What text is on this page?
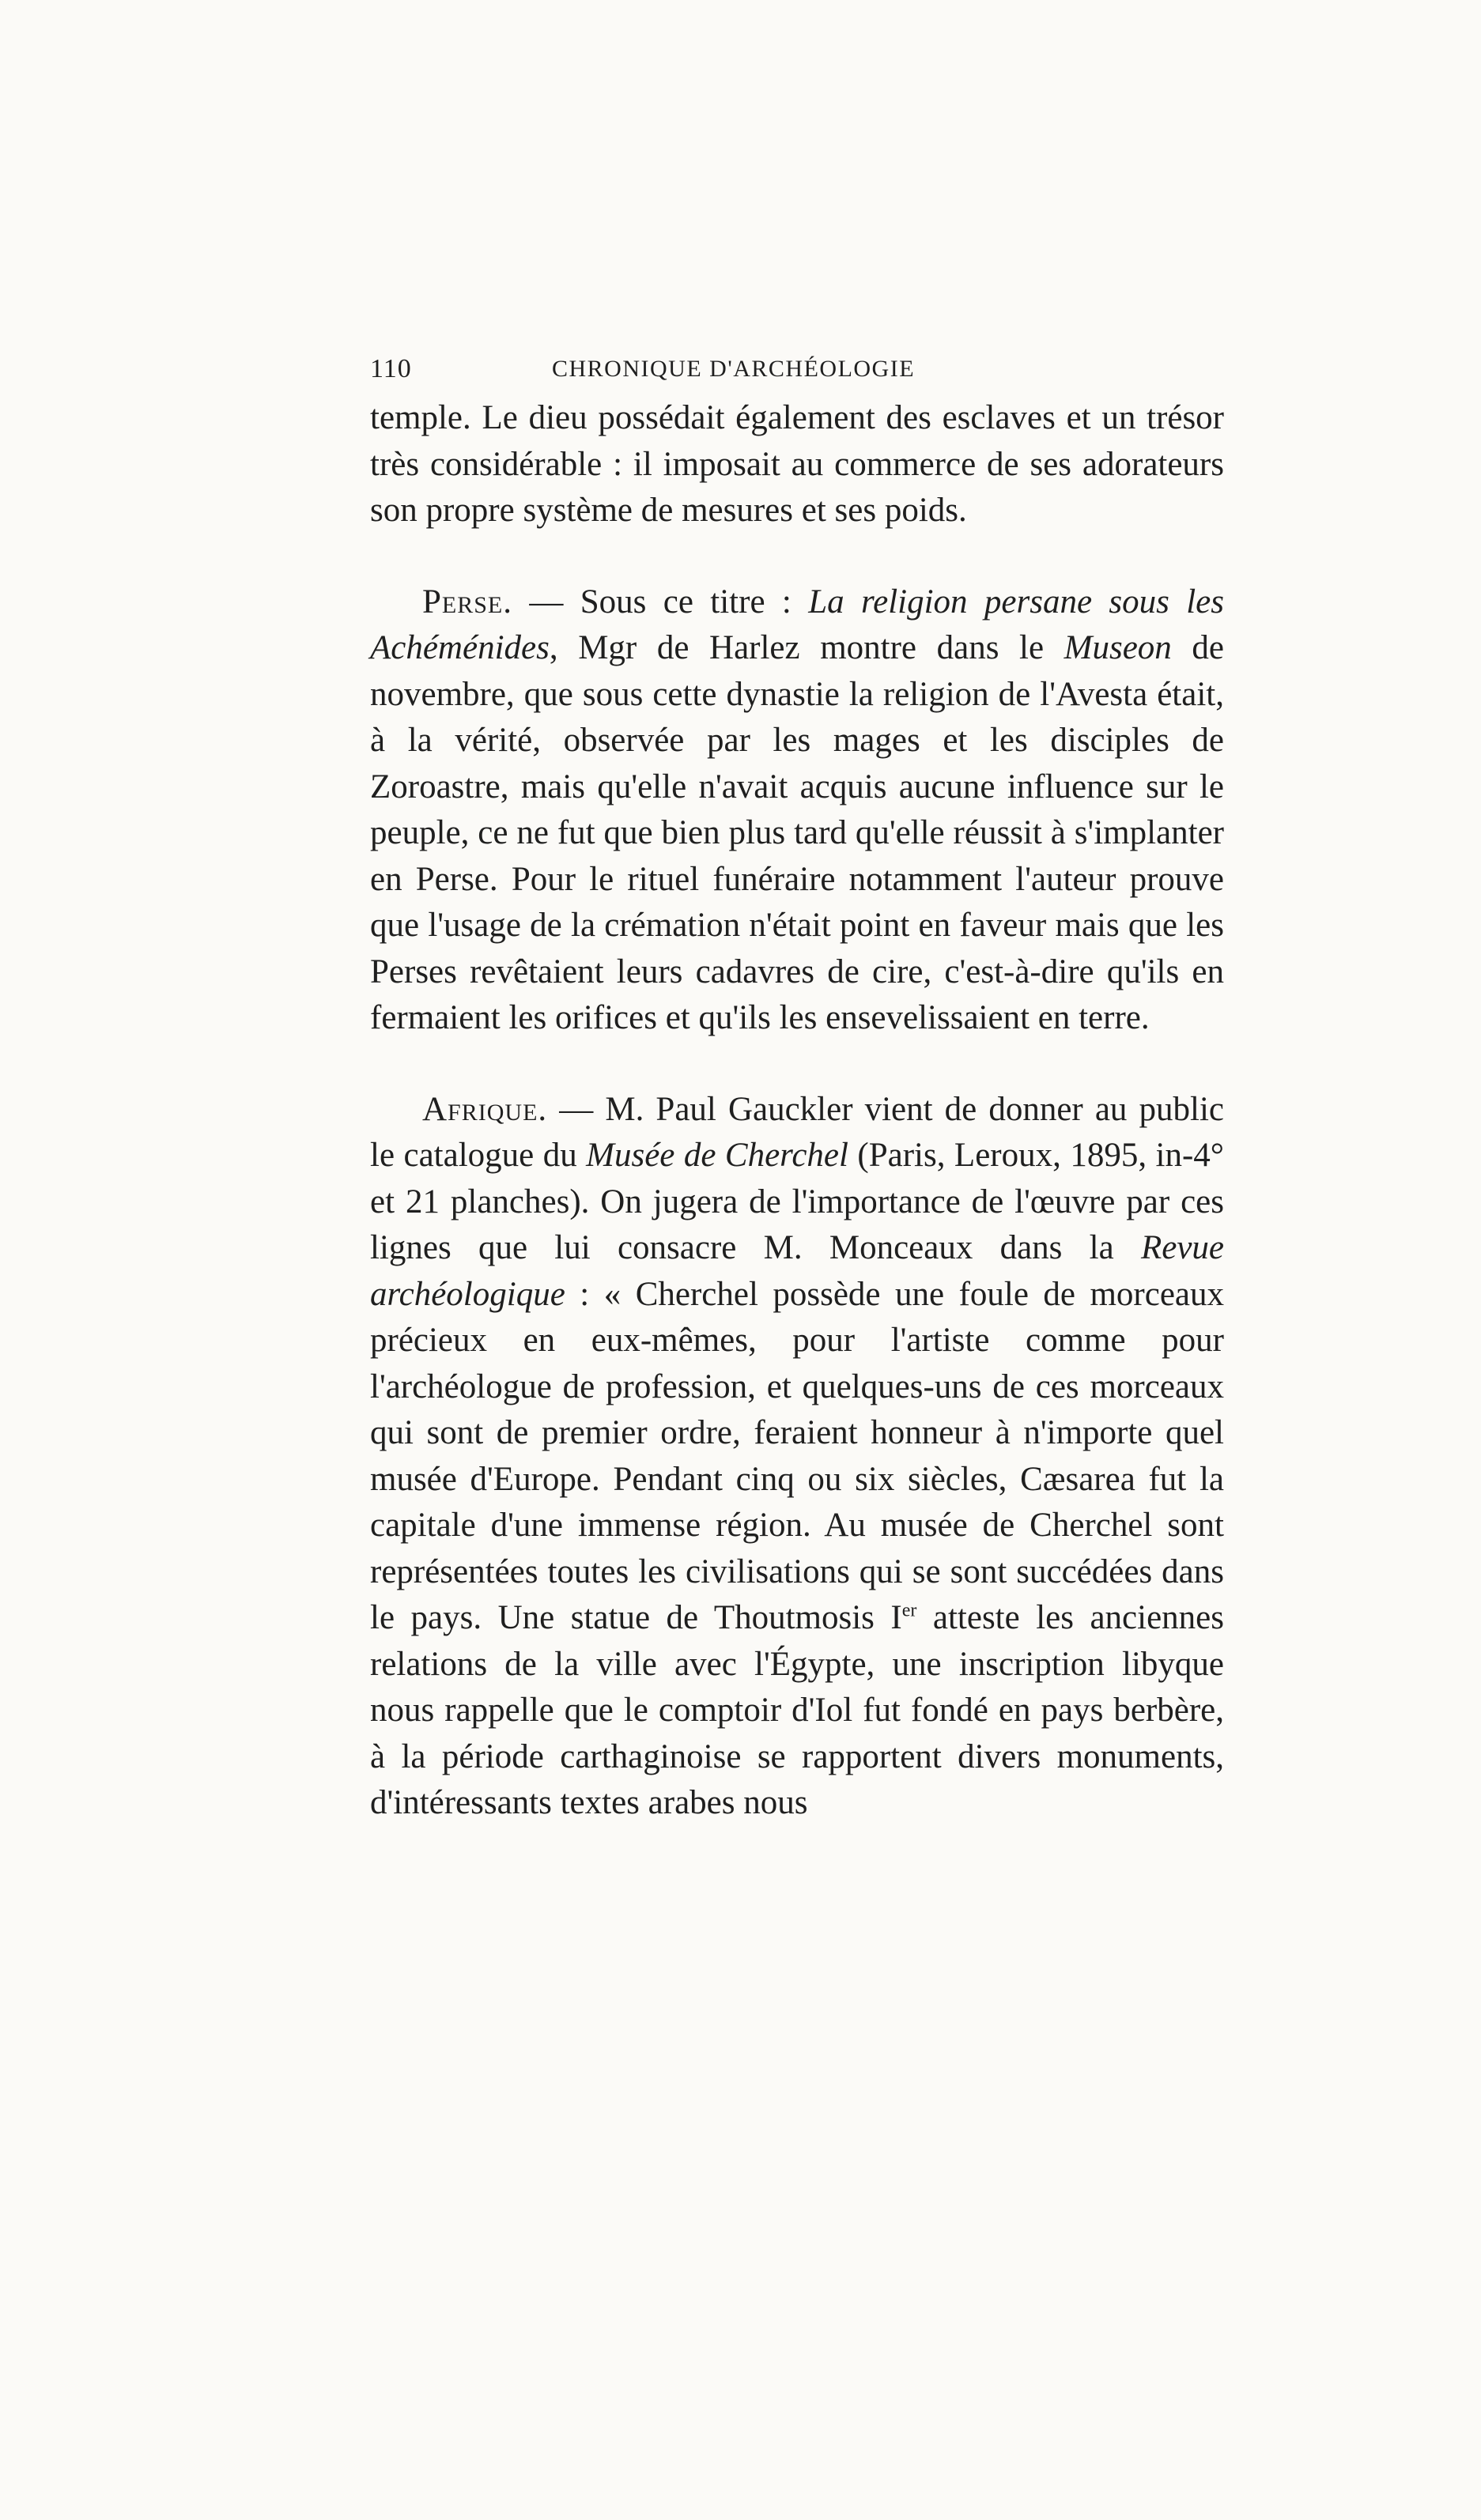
110	CHRONIQUE D'ARCHÉOLOGIE

temple. Le dieu possédait également des esclaves et un trésor très considérable : il imposait au commerce de ses adorateurs son propre système de mesures et ses poids.

Perse. — Sous ce titre : La religion persane sous les Achéménides, Mgr de Harlez montre dans le Museon de novembre, que sous cette dynastie la religion de l'Avesta était, à la vérité, observée par les mages et les disciples de Zoroastre, mais qu'elle n'avait acquis aucune influence sur le peuple, ce ne fut que bien plus tard qu'elle réussit à s'implanter en Perse. Pour le rituel funéraire notamment l'auteur prouve que l'usage de la crémation n'était point en faveur mais que les Perses revêtaient leurs cadavres de cire, c'est-à-dire qu'ils en fermaient les orifices et qu'ils les ensevelissaient en terre.

Afrique. — M. Paul Gauckler vient de donner au public le catalogue du Musée de Cherchel (Paris, Leroux, 1895, in-4° et 21 planches). On jugera de l'importance de l'œuvre par ces lignes que lui consacre M. Monceaux dans la Revue archéologique : « Cherchel possède une foule de morceaux précieux en eux-mêmes, pour l'artiste comme pour l'archéologue de profession, et quelques-uns de ces morceaux qui sont de premier ordre, feraient honneur à n'importe quel musée d'Europe. Pendant cinq ou six siècles, Cæsarea fut la capitale d'une immense région. Au musée de Cherchel sont représentées toutes les civilisations qui se sont succédées dans le pays. Une statue de Thoutmosis Ier atteste les anciennes relations de la ville avec l'Égypte, une inscription libyque nous rappelle que le comptoir d'Iol fut fondé en pays berbère, à la période carthaginoise se rapportent divers monuments, d'intéressants textes arabes nous
